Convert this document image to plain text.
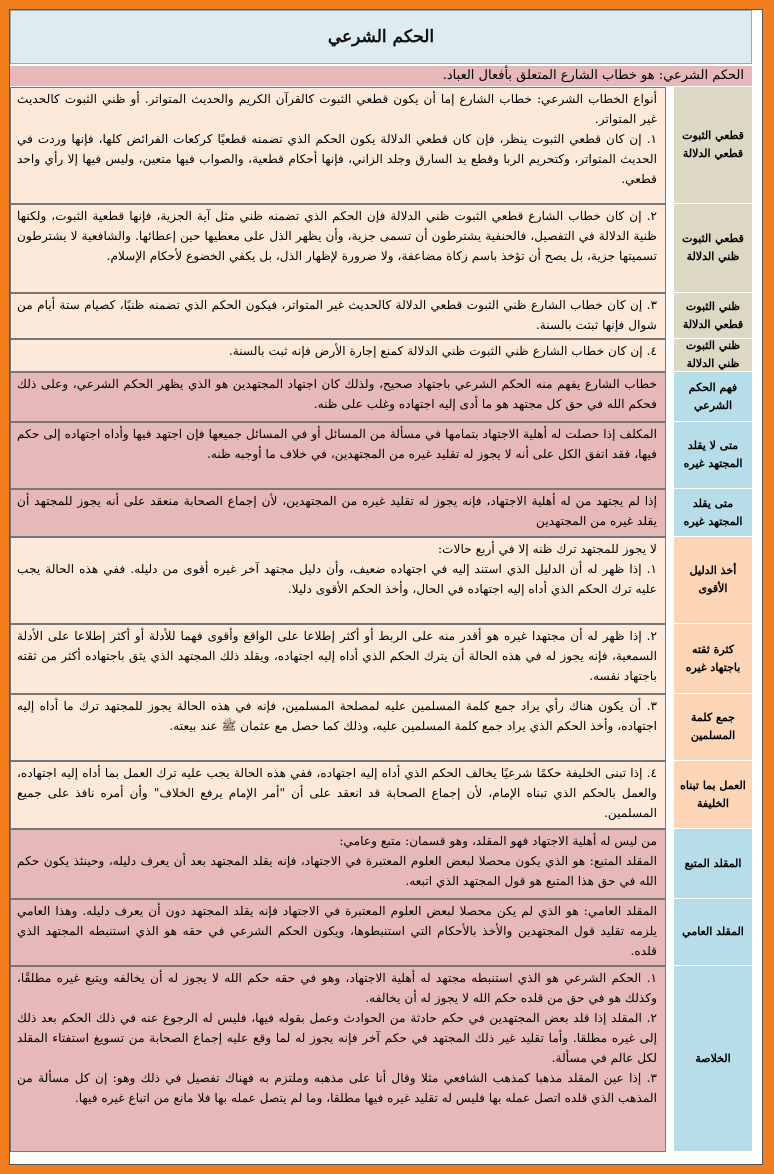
الحكم الشرعي
الحكم الشرعي: هو خطاب الشارع المتعلق بأفعال العباد.
قطعي الثبوت قطعي الدلالة

أنواع الخطاب الشرعي: خطاب الشارع إما أن يكون قطعي الثبوت كالقرآن الكريم والحديث المتواتر. أو ظني الثبوت كالحديث غير المتواتر.

١. إن كان قطعي الثبوت ينظر، فإن كان قطعي الدلالة يكون الحكم الذي تضمنه قطعيًا كركعات الفرائض كلها، فإنها وردت في الحديث المتواتر، وكتحريم الربا وقطع يد السارق وجلد الزاني، فإنها أحكام قطعية، والصواب فيها متعين، وليس فيها إلا رأي واحد قطعي.

قطعي الثبوت ظني الدلالة

٢. إن كان خطاب الشارع قطعي الثبوت ظني الدلالة فإن الحكم الذي تضمنه ظني مثل آية الجزية، فإنها قطعية الثبوت، ولكنها ظنية الدلالة في التفصيل، فالحنفية يشترطون أن تسمى جزية، وأن يظهر الذل على معطيها حين إعطائها. والشافعية لا يشترطون تسميتها جزية، بل يصح أن تؤخذ باسم زكاة مضاعفة، ولا ضرورة لإظهار الذل، بل يكفي الخضوع لأحكام الإسلام.

ظني الثبوت قطعي الدلالة

٣. إن كان خطاب الشارع ظني الثبوت قطعي الدلالة كالحديث غير المتواتر، فيكون الحكم الذي تضمنه ظنيًا، كصيام ستة أيام من شوال فإنها ثبتت بالسنة.

ظني الثبوت ظني الدلالة

٤. إن كان خطاب الشارع ظني الثبوت ظني الدلالة كمنع إجارة الأرض فإنه ثبت بالسنة.

فهم الحكم الشرعي

خطاب الشارع يفهم منه الحكم الشرعي باجتهاد صحيح، ولذلك كان اجتهاد المجتهدين هو الذي يظهر الحكم الشرعي، وعلى ذلك فحكم الله في حق كل مجتهد هو ما أدى إليه اجتهاده وغلب على ظنه.

متى لا يقلد المجتهد غيره

المكلف إذا حصلت له أهلية الاجتهاد بتمامها في مسألة من المسائل أو في المسائل جميعها فإن اجتهد فيها وأداه اجتهاده إلى حكم فيها، فقد اتفق الكل على أنه لا يجوز له تقليد غيره من المجتهدين، في خلاف ما أوجبه ظنه.

متى يقلد المجتهد غيره

إذا لم يجتهد من له أهلية الاجتهاد، فإنه يجوز له تقليد غيره من المجتهدين، لأن إجماع الصحابة منعقد على أنه يجوز للمجتهد أن يقلد غيره من المجتهدين

أخذ الدليل الأقوى

لا يجوز للمجتهد ترك ظنه إلا في أربع حالات:

١. إذا ظهر له أن الدليل الذي استند إليه في اجتهاده ضعيف، وأن دليل مجتهد آخر غيره أقوى من دليله. ففي هذه الحالة يجب عليه ترك الحكم الذي أداه إليه اجتهاده في الحال، وأخذ الحكم الأقوى دليلا.

كثرة ثقته باجتهاد غيره

٢. إذا ظهر له أن مجتهدا غيره هو أقدر منه على الربط أو أكثر إطلاعا على الواقع وأقوى فهما للأدلة أو أكثر إطلاعا على الأدلة السمعية، فإنه يجوز له في هذه الحالة أن يترك الحكم الذي أداه إليه اجتهاده، ويقلد ذلك المجتهد الذي يثق باجتهاده أكثر من ثقته باجتهاد نفسه.

جمع كلمة المسلمين

٣. أن يكون هناك رأي يراد جمع كلمة المسلمين عليه لمصلحة المسلمين، فإنه في هذه الحالة يجوز للمجتهد ترك ما أداه إليه اجتهاده، وأخذ الحكم الذي يراد جمع كلمة المسلمين عليه، وذلك كما حصل مع عثمان ﷺ عند بيعته.

العمل بما تبناه الخليفة

٤. إذا تبنى الخليفة حكمًا شرعيًا يخالف الحكم الذي أداه إليه اجتهاده، ففي هذه الحالة يجب عليه ترك العمل بما أداه إليه اجتهاده، والعمل بالحكم الذي تبناه الإمام، لأن إجماع الصحابة قد انعقد على أن "أمر الإمام يرفع الخلاف" وأن أمره نافذ على جميع المسلمين.

المقلد المتبع

من ليس له أهلية الاجتهاد فهو المقلد، وهو قسمان: متبع وعامي:

المقلد المتبع: هو الذي يكون محصلا لبعض العلوم المعتبرة في الاجتهاد، فإنه يقلد المجتهد بعد أن يعرف دليله، وحينئذ يكون حكم الله في حق هذا المتبع هو قول المجتهد الذي اتبعه.

المقلد العامي

المقلد العامي: هو الذي لم يكن محصلا لبعض العلوم المعتبرة في الاجتهاد فإنه يقلد المجتهد دون أن يعرف دليله. وهذا العامي يلزمه تقليد قول المجتهدين والأخذ بالأحكام التي استنبطوها، ويكون الحكم الشرعي في حقه هو الذي استنبطه المجتهد الذي قلده.

الخلاصة

١. الحكم الشرعي هو الذي استنبطه مجتهد له أهلية الاجتهاد، وهو في حقه حكم الله لا يجوز له أن يخالفه ويتبع غيره مطلقًا، وكذلك هو في حق من قلده حكم الله لا يجوز له أن يخالفه.

٢. المقلد إذا قلد بعض المجتهدين في حكم حادثة من الحوادث وعمل بقوله فيها، فليس له الرجوع عنه في ذلك الحكم بعد ذلك إلى غيره مطلقا. وأما تقليد غير ذلك المجتهد في حكم آخر فإنه يجوز له لما وقع عليه إجماع الصحابة من تسويغ استفتاء المقلد لكل عالم في مسألة.

٣. إذا عين المقلد مذهبا كمذهب الشافعي مثلا وقال أنا على مذهبه وملتزم به فهناك تفصيل في ذلك وهو: إن كل مسألة من المذهب الذي قلده اتصل عمله بها فليس له تقليد غيره فيها مطلقا، وما لم يتصل عمله بها فلا مانع من اتباع غيره فيها.
